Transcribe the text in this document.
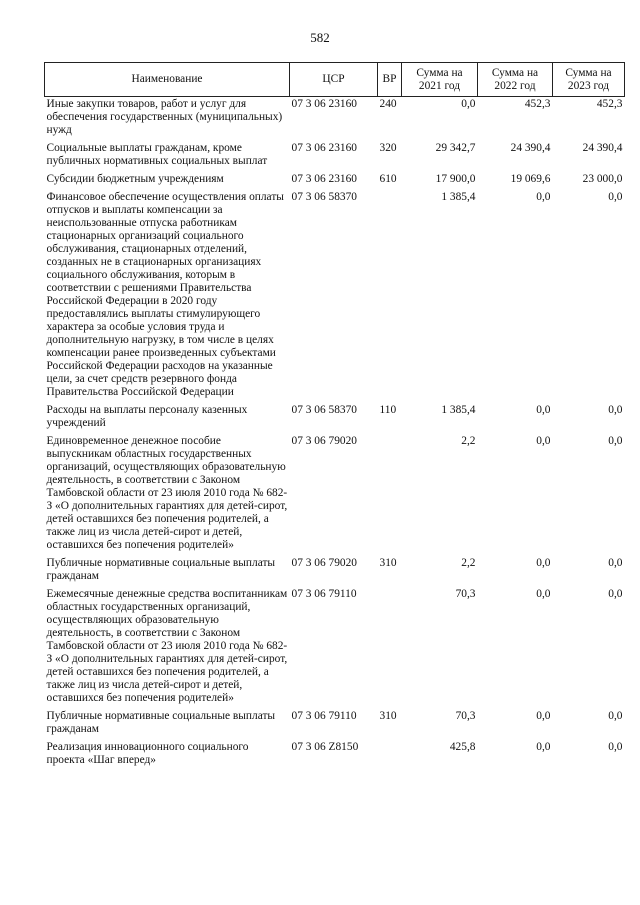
582
Наименование	ЦСР	ВР	Сумма на 2021 год	Сумма на 2022 год	Сумма на 2023 год
Иные закупки товаров, работ и услуг для обеспечения государственных (муниципальных) нужд	07 3 06 23160	240	0,0	452,3	452,3
Социальные выплаты гражданам, кроме публичных нормативных социальных выплат	07 3 06 23160	320	29 342,7	24 390,4	24 390,4
Субсидии бюджетным учреждениям	07 3 06 23160	610	17 900,0	19 069,6	23 000,0
Финансовое обеспечение осуществления оплаты отпусков и выплаты компенсации за неиспользованные отпуска работникам стационарных организаций социального обслуживания, стационарных отделений, созданных не в стационарных организациях социального обслуживания, которым в соответствии с решениями Правительства Российской Федерации в 2020 году предоставлялись выплаты стимулирующего характера за особые условия труда и дополнительную нагрузку, в том числе в целях компенсации ранее произведенных субъектами Российской Федерации расходов на указанные цели, за счет средств резервного фонда Правительства Российской Федерации	07 3 06 58370		1 385,4	0,0	0,0
Расходы на выплаты персоналу казенных учреждений	07 3 06 58370	110	1 385,4	0,0	0,0
Единовременное денежное пособие выпускникам областных государственных организаций, осуществляющих образовательную деятельность, в соответствии с Законом Тамбовской области от 23 июля 2010 года № 682-З «О дополнительных гарантиях для детей-сирот, детей оставшихся без попечения родителей, а также лиц из числа детей-сирот и детей, оставшихся без попечения родителей»	07 3 06 79020		2,2	0,0	0,0
Публичные нормативные социальные выплаты гражданам	07 3 06 79020	310	2,2	0,0	0,0
Ежемесячные денежные средства воспитанникам областных государственных организаций, осуществляющих образовательную деятельность, в соответствии с Законом Тамбовской области от 23 июля 2010 года № 682-З «О дополнительных гарантиях для детей-сирот, детей оставшихся без попечения родителей, а также лиц из числа детей-сирот и детей, оставшихся без попечения родителей»	07 3 06 79110		70,3	0,0	0,0
Публичные нормативные социальные выплаты гражданам	07 3 06 79110	310	70,3	0,0	0,0
Реализация инновационного социального проекта «Шаг вперед»	07 3 06 Z8150		425,8	0,0	0,0
